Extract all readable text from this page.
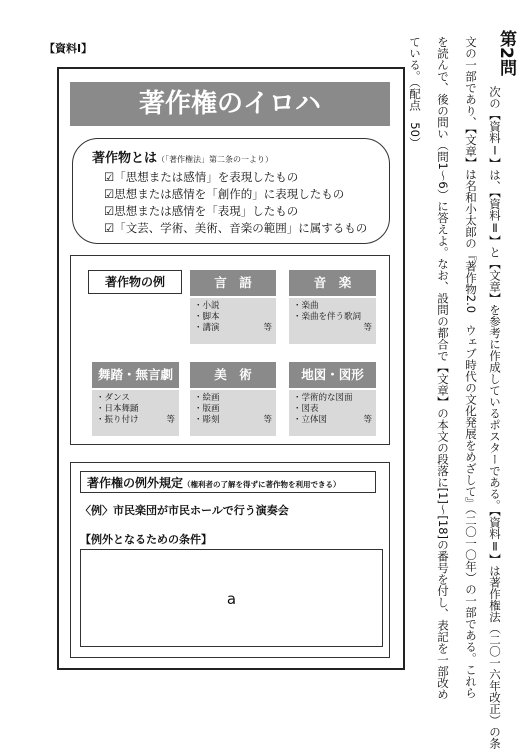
第2問
次の【資料Ⅰ】は、【資料Ⅱ】と【文章】を参考に作成しているポスターである。【資料Ⅱ】は著作権法（二〇一六年改正）の条
文の一部であり、【文章】は名和小太郎の『著作物2.0　ウェブ時代の文化発展をめざして』（二〇一〇年）の一部である。これら
を読んで、後の問い（問1〜6）に答えよ。なお、設問の都合で【文章】の本文の段落に[1]〜[18]の番号を付し、表記を一部改め
ている。（配点　50）
【資料Ⅰ】
著作権のイロハ
著作物とは（「著作権法」第二条の一より）
☑「思想または感情」を表現したもの
☑思想または感情を「創作的」に表現したもの
☑思想または感情を「表現」したもの
☑「文芸、学術、美術、音楽の範囲」に属するもの
著作物の例	言　語
・小説
・脚本
・講演	等
音　楽
・楽曲
・楽曲を伴う歌詞
等

舞踏・無言劇
・ダンス
・日本舞踊
・振り付け	等
美　術
・絵画
・版画
・彫刻	等
地図・図形
・学術的な図面
・図表
・立体図	等
著作権の例外規定（権利者の了解を得ずに著作物を利用できる）
〈例〉市民楽団が市民ホールで行う演奏会
【例外となるための条件】
a
